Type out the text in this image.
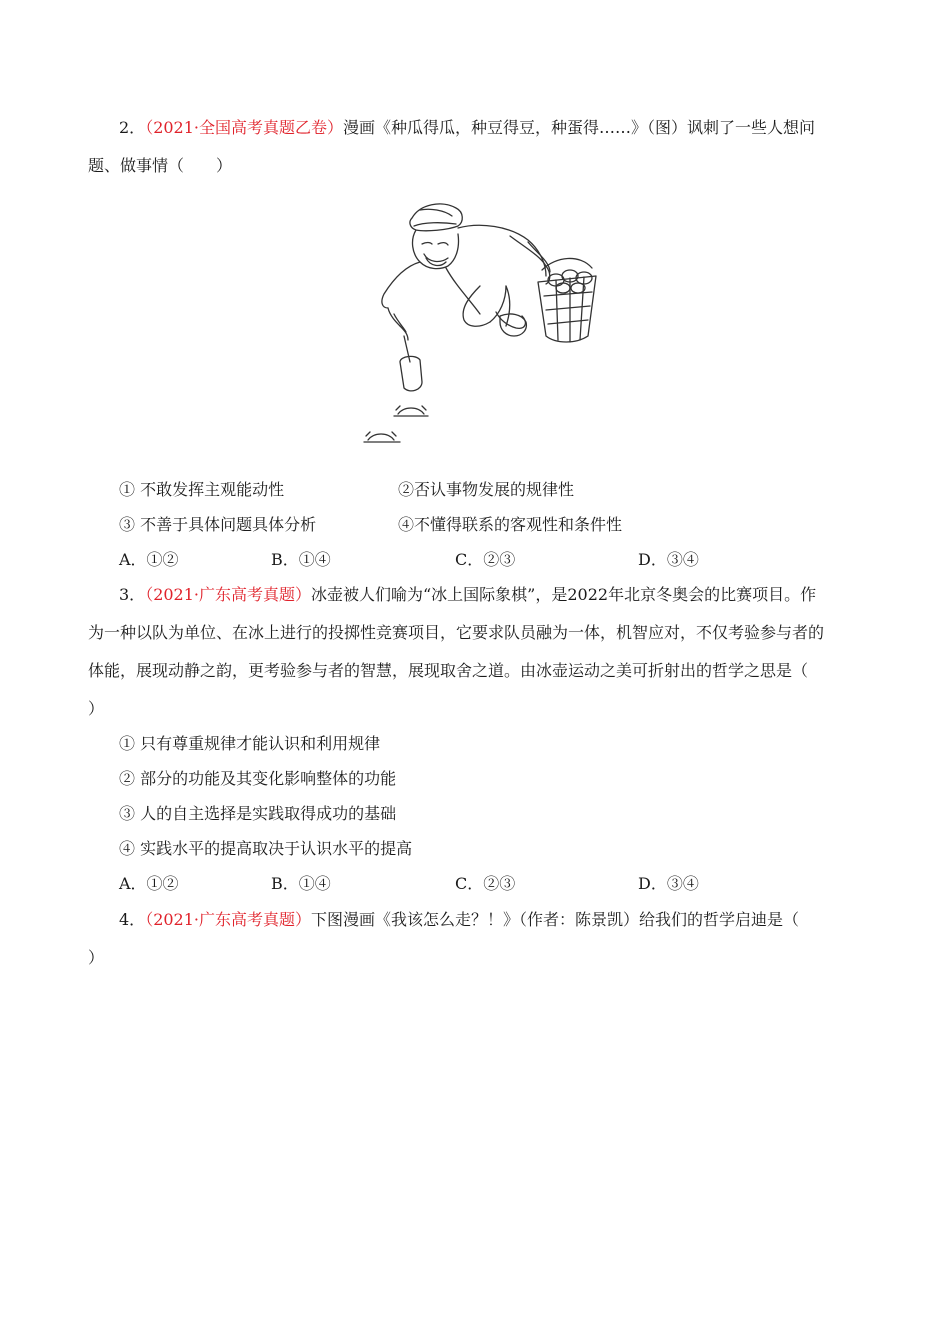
2．（2021·全国高考真题乙卷）漫画《种瓜得瓜，种豆得豆，种蛋得……》（图）讽刺了一些人想问
题、做事情（　　）
① 不敢发挥主观能动性	②否认事物发展的规律性
③ 不善于具体问题具体分析	④不懂得联系的客观性和条件性
A．①②	B．①④	C．②③	D．③④
3．（2021·广东高考真题）冰壶被人们喻为“冰上国际象棋”，是2022年北京冬奥会的比赛项目。作
为一种以队为单位、在冰上进行的投掷性竞赛项目，它要求队员融为一体，机智应对，不仅考验参与者的
体能，展现动静之韵，更考验参与者的智慧，展现取舍之道。由冰壶运动之美可折射出的哲学之思是（
）
① 只有尊重规律才能认识和利用规律
② 部分的功能及其变化影响整体的功能
③ 人的自主选择是实践取得成功的基础
④ 实践水平的提高取决于认识水平的提高
A．①②	B．①④	C．②③	D．③④
4．（2021·广东高考真题）下图漫画《我该怎么走？！》（作者：陈景凯）给我们的哲学启迪是（
）
